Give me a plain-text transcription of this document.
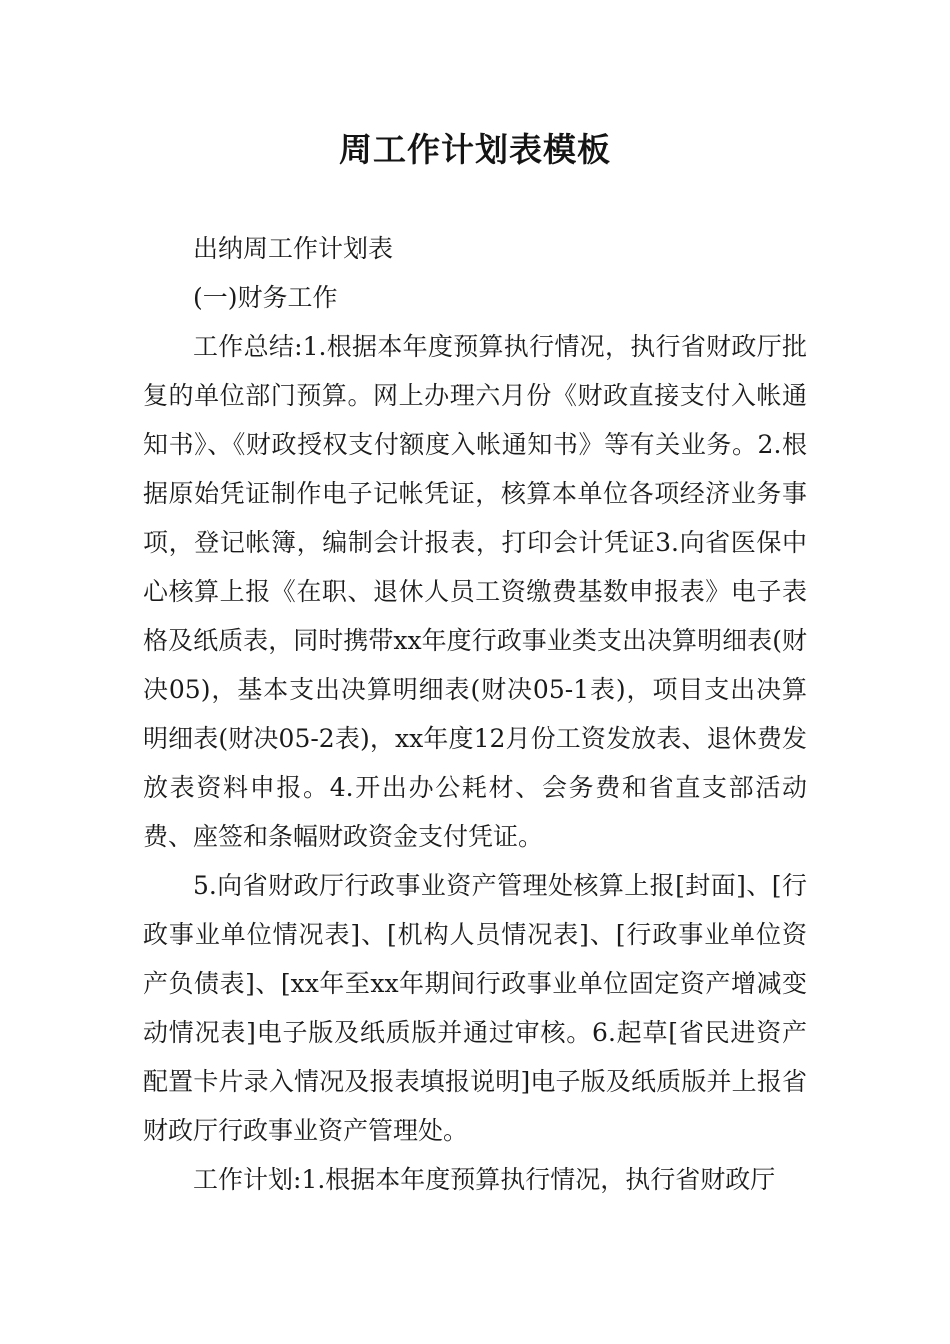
周工作计划表模板

出纳周工作计划表

(一)财务工作

工作总结:1.根据本年度预算执行情况，执行省财政厅批复的单位部门预算。网上办理六月份《财政直接支付入帐通知书》、《财政授权支付额度入帐通知书》等有关业务。2.根据原始凭证制作电子记帐凭证，核算本单位各项经济业务事项，登记帐簿，编制会计报表，打印会计凭证3.向省医保中心核算上报《在职、退休人员工资缴费基数申报表》电子表格及纸质表，同时携带xx年度行政事业类支出决算明细表(财决05)，基本支出决算明细表(财决05-1表)，项目支出决算明细表(财决05-2表)，xx年度12月份工资发放表、退休费发放表资料申报。4.开出办公耗材、会务费和省直支部活动费、座签和条幅财政资金支付凭证。

5.向省财政厅行政事业资产管理处核算上报[封面]、[行政事业单位情况表]、[机构人员情况表]、[行政事业单位资产负债表]、[xx年至xx年期间行政事业单位固定资产增减变动情况表]电子版及纸质版并通过审核。6.起草[省民进资产配置卡片录入情况及报表填报说明]电子版及纸质版并上报省财政厅行政事业资产管理处。

工作计划:1.根据本年度预算执行情况，执行省财政厅
